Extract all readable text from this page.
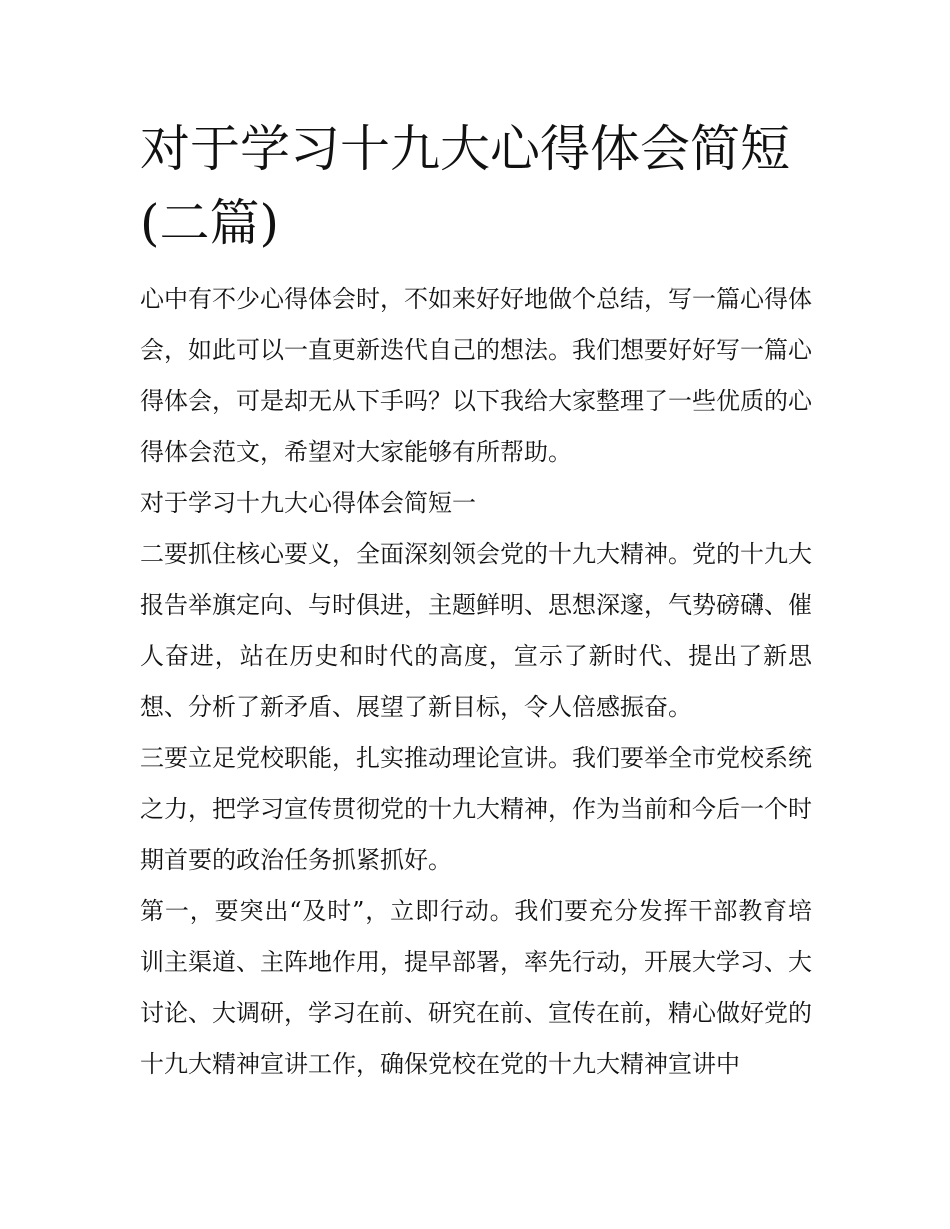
对于学习十九大心得体会简短(二篇)

心中有不少心得体会时，不如来好好地做个总结，写一篇心得体会，如此可以一直更新迭代自己的想法。我们想要好好写一篇心得体会，可是却无从下手吗？以下我给大家整理了一些优质的心得体会范文，希望对大家能够有所帮助。

对于学习十九大心得体会简短一

二要抓住核心要义，全面深刻领会党的十九大精神。党的十九大报告举旗定向、与时俱进，主题鲜明、思想深邃，气势磅礴、催人奋进，站在历史和时代的高度，宣示了新时代、提出了新思想、分析了新矛盾、展望了新目标，令人倍感振奋。

三要立足党校职能，扎实推动理论宣讲。我们要举全市党校系统之力，把学习宣传贯彻党的十九大精神，作为当前和今后一个时期首要的政治任务抓紧抓好。

第一，要突出“及时”，立即行动。我们要充分发挥干部教育培训主渠道、主阵地作用，提早部署，率先行动，开展大学习、大讨论、大调研，学习在前、研究在前、宣传在前，精心做好党的十九大精神宣讲工作，确保党校在党的十九大精神宣讲中
